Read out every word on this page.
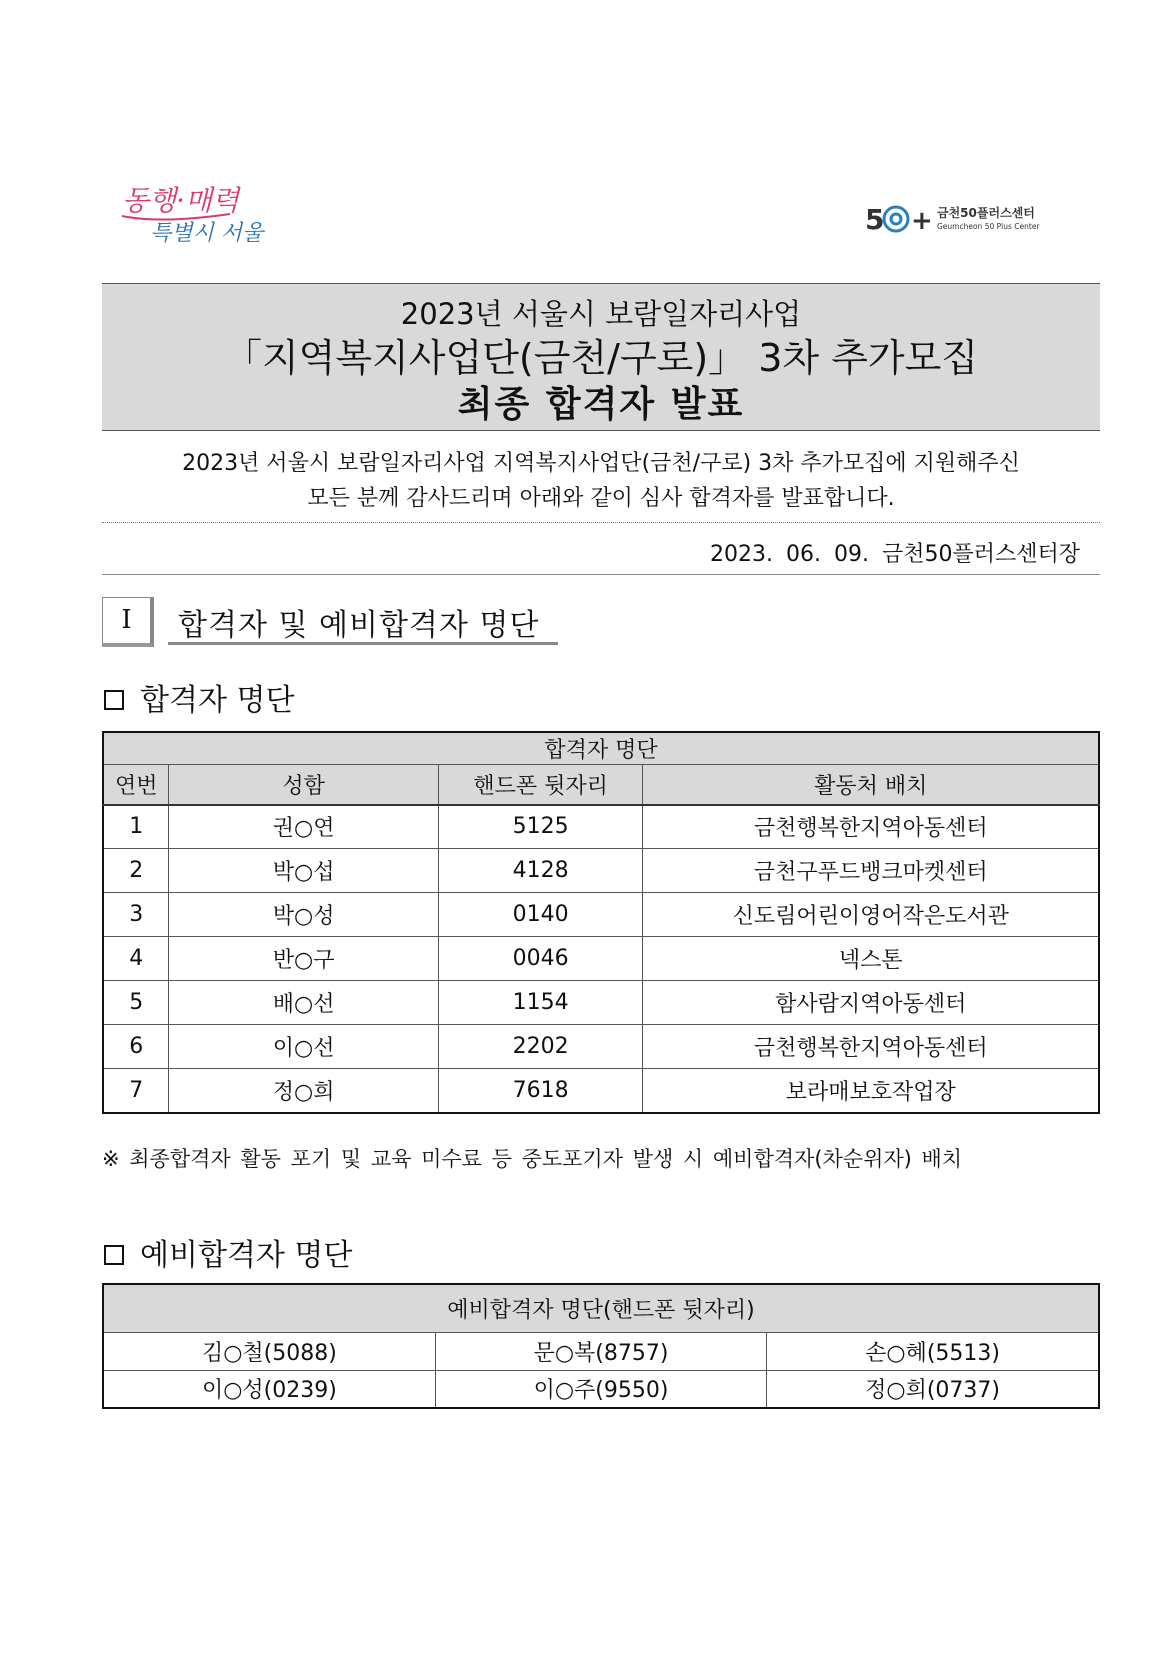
동행·매력
특별시 서울	5 + 금천50플러스센터
Geumcheon 50 Plus Center
2023년 서울시 보람일자리사업
「지역복지사업단(금천/구로)」 3차 추가모집
최종 합격자 발표
2023년 서울시 보람일자리사업 지역복지사업단(금천/구로) 3차 추가모집에 지원해주신
모든 분께 감사드리며 아래와 같이 심사 합격자를 발표합니다.
2023. 06. 09. 금천50플러스센터장
Ⅰ	합격자 및 예비합격자 명단
합격자 명단
합격자 명단			
연번	성함	핸드폰 뒷자리	활동처 배치
1	권○연	5125	금천행복한지역아동센터
2	박○섭	4128	금천구푸드뱅크마켓센터
3	박○성	0140	신도림어린이영어작은도서관
4	반○구	0046	넥스톤
5	배○선	1154	함사람지역아동센터
6	이○선	2202	금천행복한지역아동센터
7	정○희	7618	보라매보호작업장
※ 최종합격자 활동 포기 및 교육 미수료 등 중도포기자 발생 시 예비합격자(차순위자) 배치
예비합격자 명단
예비합격자 명단(핸드폰 뒷자리)		
김○철(5088)	문○복(8757)	손○혜(5513)
이○성(0239)	이○주(9550)	정○희(0737)
